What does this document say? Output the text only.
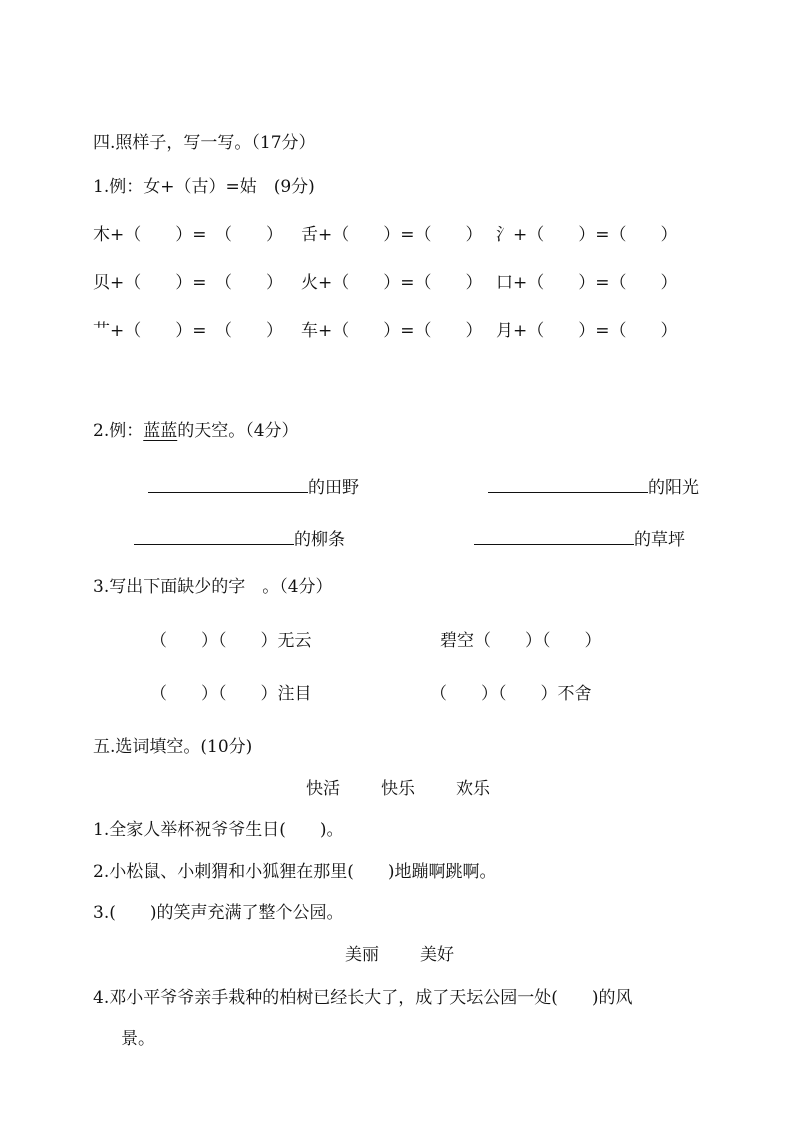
四.照样子，写一写。（17分）
1.例：女+（古）=姑　(9分)
木+（　　）=　（　　） 舌+（　　）=（　　） 氵+（　　）=（　　）
贝+（　　）=　（　　） 火+（　　）=（　　） 口+（　　）=（　　）
艹+（　　）=　（　　） 车+（　　）=（　　） 月+（　　）=（　　）
2.例：蓝蓝的天空。（4分）
的田野	的阳光
的柳条	的草坪
3.写出下面缺少的字　。（4分）
（　　）（　　）无云	碧空（　　）（　　）
（　　）（　　）注目	（　　）（　　）不舍
五.选词填空。(10分)
快活 快乐 欢乐
1.全家人举杯祝爷爷生日(　　)。
2.小松鼠、小刺猬和小狐狸在那里(　　)地蹦啊跳啊。
3.(　　)的笑声充满了整个公园。
美丽 美好
4.邓小平爷爷亲手栽种的柏树已经长大了，成了天坛公园一处(　　)的风
景。
